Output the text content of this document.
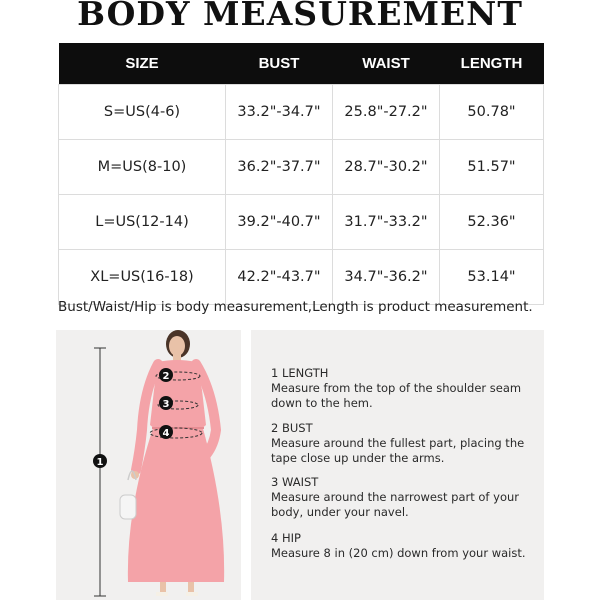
BODY MEASUREMENT
SIZE	BUST	WAIST	LENGTH
S=US(4-6)	33.2"-34.7"	25.8"-27.2"	50.78"
M=US(8-10)	36.2"-37.7"	28.7"-30.2"	51.57"
L=US(12-14)	39.2"-40.7"	31.7"-33.2"	52.36"
XL=US(16-18)	42.2"-43.7"	34.7"-36.2"	53.14"
Bust/Waist/Hip is body measurement,Length is product measurement.
1
2
3
4
1 LENGTH
Measure from the top of the shoulder seam down to the hem.
2 BUST
Measure around the fullest part, placing the tape close up under the arms.
3 WAIST
Measure around the narrowest part of your body, under your navel.
4 HIP
Measure 8 in (20 cm) down from your waist.
